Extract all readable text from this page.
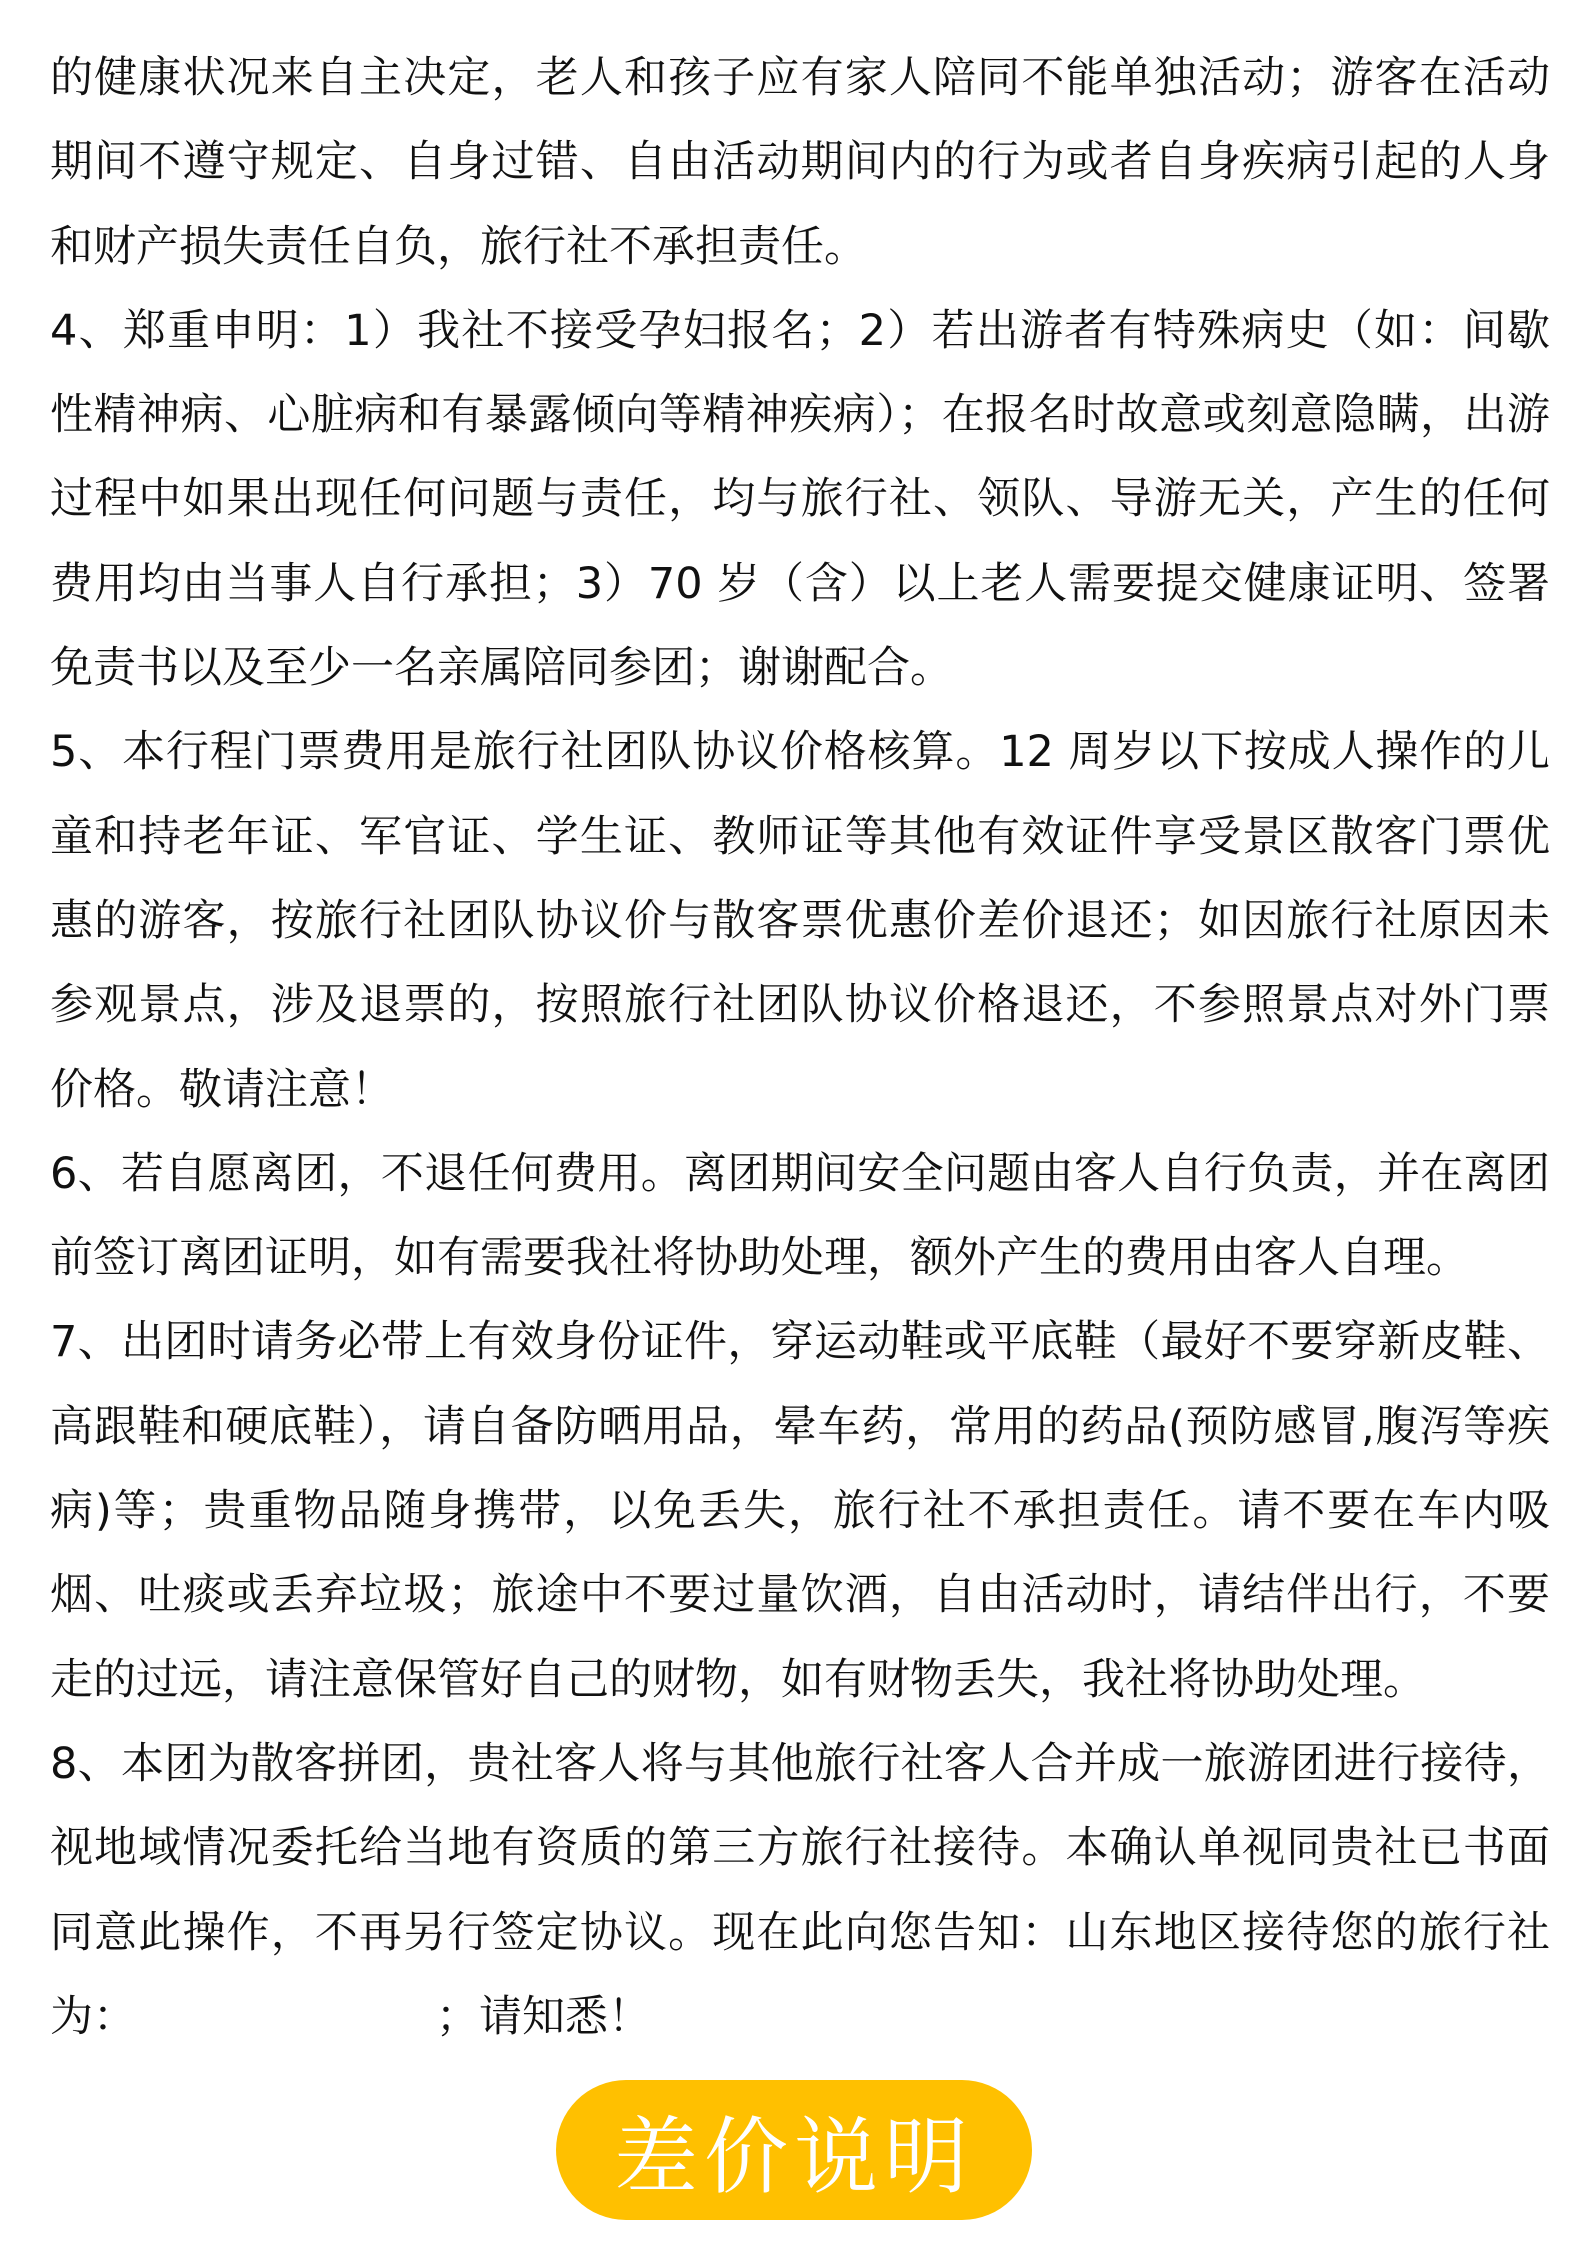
的健康状况来自主决定，老人和孩子应有家人陪同不能单独活动；游客在活动期间不遵守规定、自身过错、自由活动期间内的行为或者自身疾病引起的人身和财产损失责任自负，旅行社不承担责任。

4、郑重申明：1）我社不接受孕妇报名；2）若出游者有特殊病史（如：间歇性精神病、心脏病和有暴露倾向等精神疾病）；在报名时故意或刻意隐瞒，出游过程中如果出现任何问题与责任，均与旅行社、领队、导游无关，产生的任何费用均由当事人自行承担；3）70 岁（含）以上老人需要提交健康证明、签署免责书以及至少一名亲属陪同参团；谢谢配合。

5、本行程门票费用是旅行社团队协议价格核算。12 周岁以下按成人操作的儿童和持老年证、军官证、学生证、教师证等其他有效证件享受景区散客门票优惠的游客，按旅行社团队协议价与散客票优惠价差价退还；如因旅行社原因未参观景点，涉及退票的，按照旅行社团队协议价格退还，不参照景点对外门票价格。敬请注意！

6、若自愿离团，不退任何费用。离团期间安全问题由客人自行负责，并在离团前签订离团证明，如有需要我社将协助处理，额外产生的费用由客人自理。

7、出团时请务必带上有效身份证件，穿运动鞋或平底鞋（最好不要穿新皮鞋、高跟鞋和硬底鞋），请自备防晒用品，晕车药，常用的药品(预防感冒,腹泻等疾病)等；贵重物品随身携带，以免丢失，旅行社不承担责任。请不要在车内吸烟、吐痰或丢弃垃圾；旅途中不要过量饮酒，自由活动时，请结伴出行，不要走的过远，请注意保管好自己的财物，如有财物丢失，我社将协助处理。

8、本团为散客拼团，贵社客人将与其他旅行社客人合并成一旅游团进行接待，视地域情况委托给当地有资质的第三方旅行社接待。本确认单视同贵社已书面同意此操作，不再另行签定协议。现在此向您告知：山东地区接待您的旅行社为：	；请知悉！

差价说明
